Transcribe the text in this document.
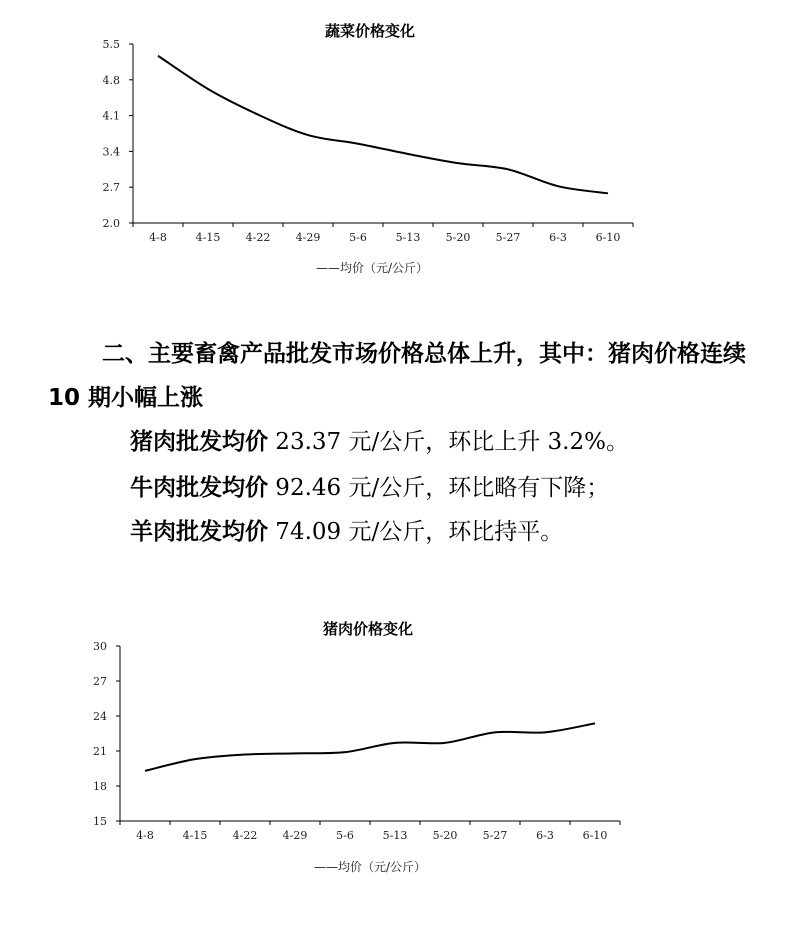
蔬菜价格变化
——均价（元/公斤）
5.5
4.8
4.1
3.4
2.7
2.0
4-8	4-15 4-22 4-29	5-6	5-13 5-20 5-27	6-3	6-10

二、主要畜禽产品批发市场价格总体上升，其中：猪肉价格连续 10 期小幅上涨

猪肉批发均价 23.37 元/公斤，环比上升 3.2%。
牛肉批发均价 92.46 元/公斤，环比略有下降；
羊肉批发均价 74.09 元/公斤，环比持平。
猪肉价格变化
——均价（元/公斤）
30
27
24
21
18
15
4-8	4-15 4-22 4-29	5-6	5-13 5-20 5-27	6-3	6-10
